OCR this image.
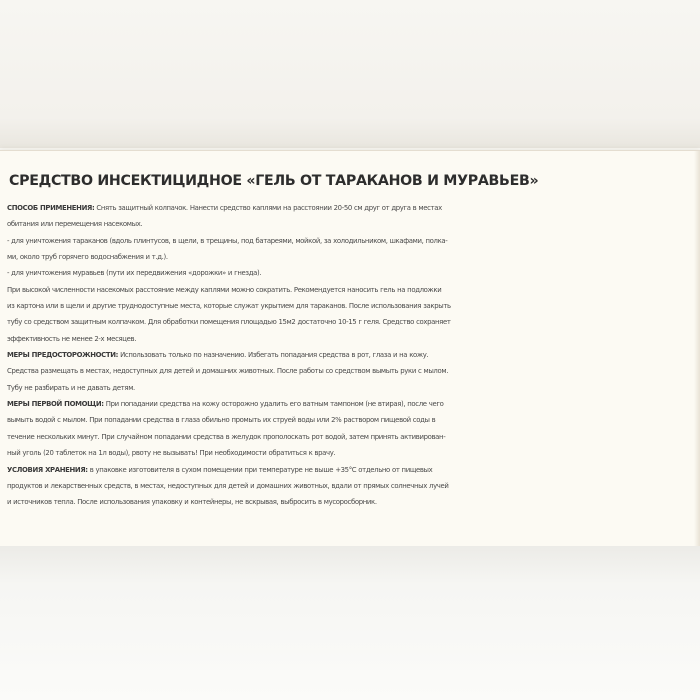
СРЕДСТВО ИНСЕКТИЦИДНОЕ «ГЕЛЬ ОТ ТАРАКАНОВ И МУРАВЬЕВ»
СПОСОБ ПРИМЕНЕНИЯ: Снять защитный колпачок. Нанести средство каплями на расстоянии 20-50 см друг от друга в местах
обитания или перемещения насекомых.
- для уничтожения тараканов (вдоль плинтусов, в щели, в трещины, под батареями, мойкой, за холодильником, шкафами, полка-
ми, около труб горячего водоснабжения и т.д.).
- для уничтожения муравьев (пути их передвижения «дорожки» и гнезда).
При высокой численности насекомых расстояние между каплями можно сократить. Рекомендуется наносить гель на подложки
из картона или в щели и другие труднодоступные места, которые служат укрытием для тараканов. После использования закрыть
тубу со средством защитным колпачком. Для обработки помещения площадью 15м2 достаточно 10-15 г геля. Средство сохраняет
эффективность не менее 2-х месяцев.
МЕРЫ ПРЕДОСТОРОЖНОСТИ: Использовать только по назначению. Избегать попадания средства в рот, глаза и на кожу.
Средства размещать в местах, недоступных для детей и домашних животных. После работы со средством вымыть руки с мылом.
Тубу не разбирать и не давать детям.
МЕРЫ ПЕРВОЙ ПОМОЩИ: При попадании средства на кожу осторожно удалить его ватным тампоном (не втирая), после чего
вымыть водой с мылом. При попадании средства в глаза обильно промыть их струей воды или 2% раствором пищевой соды в
течение нескольких минут. При случайном попадании средства в желудок прополоскать рот водой, затем принять активирован-
ный уголь (20 таблеток на 1л воды), рвоту не вызывать! При необходимости обратиться к врачу.
УСЛОВИЯ ХРАНЕНИЯ: в упаковке изготовителя в сухом помещении при температуре не выше +35°С отдельно от пищевых
продуктов и лекарственных средств, в местах, недоступных для детей и домашних животных, вдали от прямых солнечных лучей
и источников тепла. После использования упаковку и контейнеры, не вскрывая, выбросить в мусоросборник.
